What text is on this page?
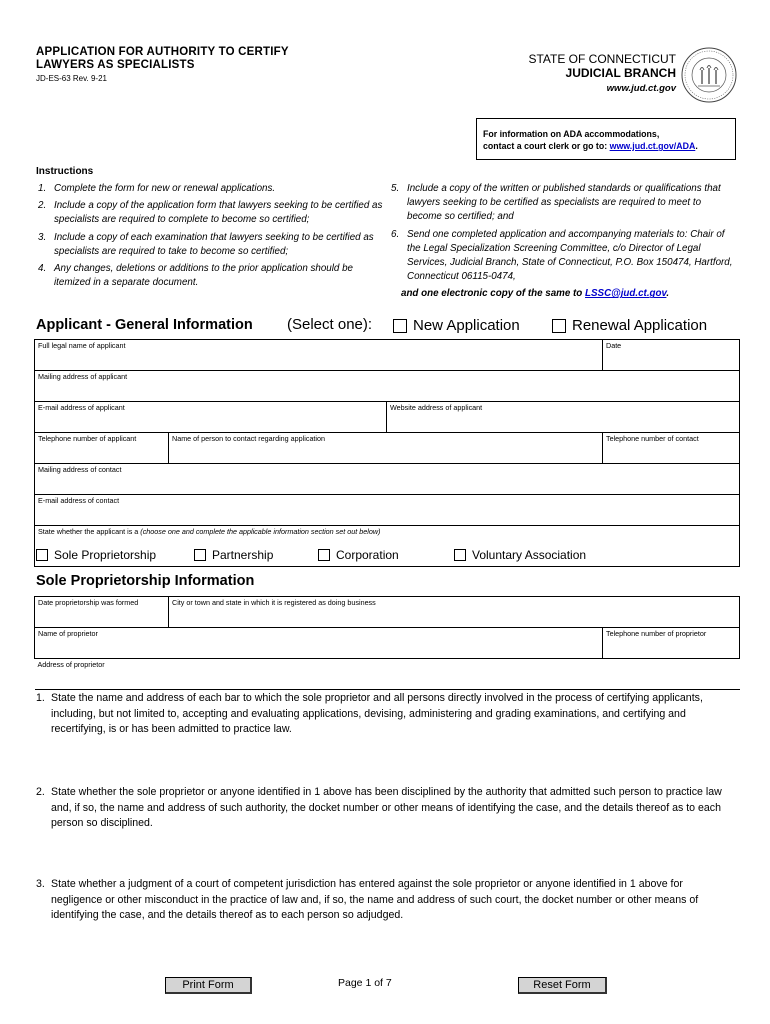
APPLICATION FOR AUTHORITY TO CERTIFY
LAWYERS AS SPECIALISTS
JD-ES-63 Rev. 9-21
STATE OF CONNECTICUT
JUDICIAL BRANCH
www.jud.ct.gov
For information on ADA accommodations,
contact a court clerk or go to: www.jud.ct.gov/ADA.
Instructions
1. Complete the form for new or renewal applications.
2. Include a copy of the application form that lawyers seeking to be certified as specialists are required to complete to become so certified;
3. Include a copy of each examination that lawyers seeking to be certified as specialists are required to take to become so certified;
4. Any changes, deletions or additions to the prior application should be itemized in a separate document.
5. Include a copy of the written or published standards or qualifications that lawyers seeking to be certified as specialists are required to meet to become so certified; and
6. Send one completed application and accompanying materials to: Chair of the Legal Specialization Screening Committee, c/o Director of Legal Services, Judicial Branch, State of Connecticut, P.O. Box 150474, Hartford, Connecticut 06115-0474,
and one electronic copy of the same to LSSC@jud.ct.gov.
Applicant - General Information (Select one):	New Application	Renewal Application
Full legal name of applicant			Date
Mailing address of applicant			
E-mail address of applicant		Website address of applicant	
Telephone number of applicant	Name of person to contact regarding application		Telephone number of contact
Mailing address of contact			
E-mail address of contact			
State whether the applicant is a (choose one and complete the applicable information section set out below)			
Sole Proprietorship	Partnership	Corporation	Voluntary Association
Sole Proprietorship Information
Date proprietorship was formed	City or town and state in which it is registered as doing business	
Name of proprietor		Telephone number of proprietor
Address of proprietor		
1. State the name and address of each bar to which the sole proprietor and all persons directly involved in the process of certifying applicants, including, but not limited to, accepting and evaluating applications, devising, administering and grading examinations, and certifying and recertifying, is or has been admitted to practice law.
2. State whether the sole proprietor or anyone identified in 1 above has been disciplined by the authority that admitted such person to practice law and, if so, the name and address of such authority, the docket number or other means of identifying the case, and the details thereof as to each person so disciplined.
3. State whether a judgment of a court of competent jurisdiction has entered against the sole proprietor or anyone identified in 1 above for negligence or other misconduct in the practice of law and, if so, the name and address of such court, the docket number or other means of identifying the case, and the details thereof as to each person so adjudged.
Print Form	Page 1 of 7	Reset Form
